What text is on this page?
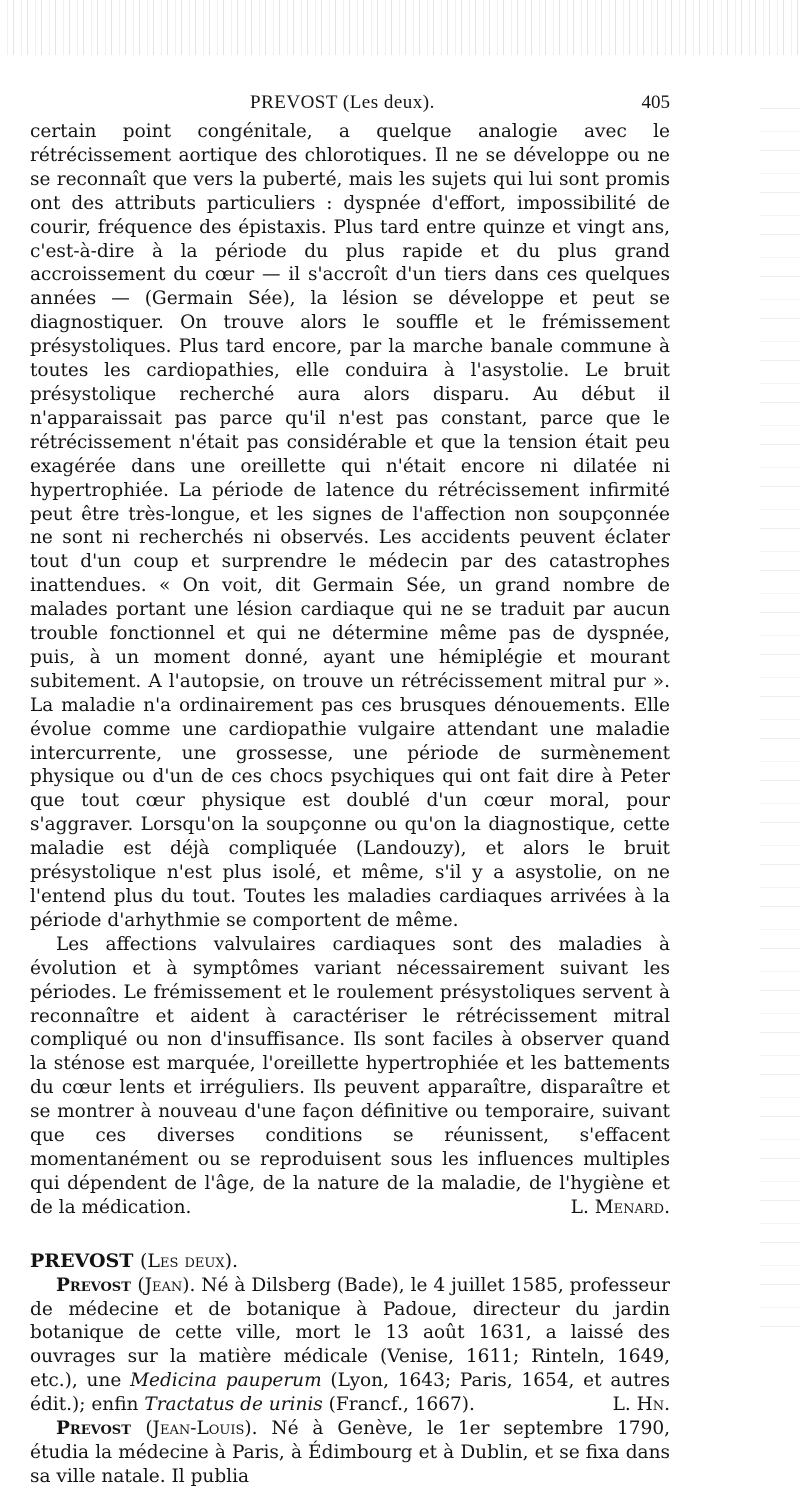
PREVOST (Les deux).	405

certain point congénitale, a quelque analogie avec le rétrécissement aortique des chlorotiques. Il ne se développe ou ne se reconnaît que vers la puberté, mais les sujets qui lui sont promis ont des attributs particuliers : dyspnée d'effort, impossibilité de courir, fréquence des épistaxis. Plus tard entre quinze et vingt ans, c'est-à-dire à la période du plus rapide et du plus grand accroissement du cœur — il s'accroît d'un tiers dans ces quelques années — (Germain Sée), la lésion se développe et peut se diagnostiquer. On trouve alors le souffle et le frémissement présystoliques. Plus tard encore, par la marche banale commune à toutes les cardiopathies, elle conduira à l'asystolie. Le bruit présystolique recherché aura alors disparu. Au début il n'apparaissait pas parce qu'il n'est pas constant, parce que le rétrécissement n'était pas considérable et que la tension était peu exagérée dans une oreillette qui n'était encore ni dilatée ni hypertrophiée. La période de latence du rétrécissement infirmité peut être très-longue, et les signes de l'affection non soupçonnée ne sont ni recherchés ni observés. Les accidents peuvent éclater tout d'un coup et surprendre le médecin par des catastrophes inattendues. « On voit, dit Germain Sée, un grand nombre de malades portant une lésion cardiaque qui ne se traduit par aucun trouble fonctionnel et qui ne détermine même pas de dyspnée, puis, à un moment donné, ayant une hémiplégie et mourant subitement. A l'autopsie, on trouve un rétrécissement mitral pur ». La maladie n'a ordinairement pas ces brusques dénouements. Elle évolue comme une cardiopathie vulgaire attendant une maladie intercurrente, une grossesse, une période de surmènement physique ou d'un de ces chocs psychiques qui ont fait dire à Peter que tout cœur physique est doublé d'un cœur moral, pour s'aggraver. Lorsqu'on la soupçonne ou qu'on la diagnostique, cette maladie est déjà compliquée (Landouzy), et alors le bruit présystolique n'est plus isolé, et même, s'il y a asystolie, on ne l'entend plus du tout. Toutes les maladies cardiaques arrivées à la période d'arhythmie se comportent de même.

Les affections valvulaires cardiaques sont des maladies à évolution et à symptômes variant nécessairement suivant les périodes. Le frémissement et le roulement présystoliques servent à reconnaître et aident à caractériser le rétrécissement mitral compliqué ou non d'insuffisance. Ils sont faciles à observer quand la sténose est marquée, l'oreillette hypertrophiée et les battements du cœur lents et irréguliers. Ils peuvent apparaître, disparaître et se montrer à nouveau d'une façon définitive ou temporaire, suivant que ces diverses conditions se réunissent, s'effacent momentanément ou se reproduisent sous les influences multiples qui dépendent de l'âge, de la nature de la maladie, de l'hygiène et de la médication.	L. Menard.

PREVOST (Les deux).

Prevost (Jean). Né à Dilsberg (Bade), le 4 juillet 1585, professeur de médecine et de botanique à Padoue, directeur du jardin botanique de cette ville, mort le 13 août 1631, a laissé des ouvrages sur la matière médicale (Venise, 1611; Rinteln, 1649, etc.), une Medicina pauperum (Lyon, 1643; Paris, 1654, et autres édit.); enfin Tractatus de urinis (Francf., 1667).	L. Hn.

Prevost (Jean-Louis). Né à Genève, le 1er septembre 1790, étudia la médecine à Paris, à Édimbourg et à Dublin, et se fixa dans sa ville natale. Il publia
